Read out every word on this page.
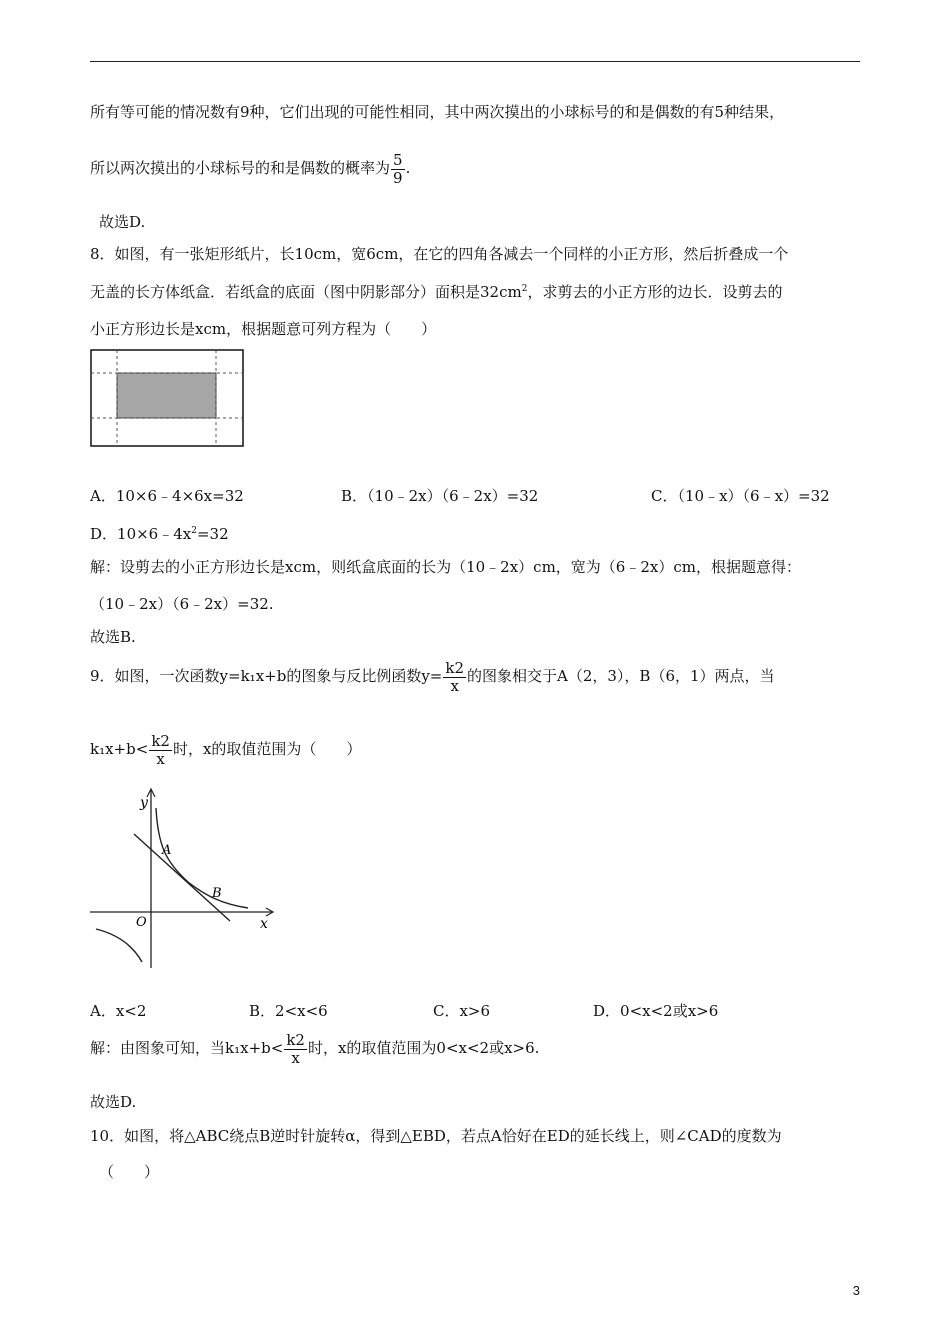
所有等可能的情况数有9种，它们出现的可能性相同，其中两次摸出的小球标号的和是偶数的有5种结果，
所以两次摸出的小球标号的和是偶数的概率为 $\frac{5}{9}$ .
故选D.
8．如图，有一张矩形纸片，长10cm，宽6cm，在它的四角各减去一个同样的小正方形，然后折叠成一个
无盖的长方体纸盒．若纸盒的底面（图中阴影部分）面积是$32cm^2$，求剪去的小正方形的边长．设剪去的
小正方形边长是xcm，根据题意可列方程为（　　）
A．10×6﹣4×6x=32	B．（10﹣2x）（6﹣2x）=32	C．（10﹣x）（6﹣x）=32
D．$10\times 6﹣4x^2=32$
解：设剪去的小正方形边长是xcm，则纸盒底面的长为（10﹣2x）cm，宽为（6﹣2x）cm，根据题意得：
（10﹣2x）（6﹣2x）=32.
故选B.
9．如图，一次函数y=k₁x+b的图象与反比例函数$y= \frac{k2}{x}$ 的图象相交于A（2，3），B（6，1）两点，当
$k_1x+b< \frac{k2}{x}$ 时，x的取值范围为（　　）
y
x
O
A
B
A．x<2	B．2<x<6	C．x>6	D．0<x<2或x>6
解：由图象可知，当$k_1x+b< \frac{k2}{x}$ 时，x的取值范围为0<x<2或x>6.
故选D.
10．如图，将△ABC绕点B逆时针旋转α，得到△EBD，若点A恰好在ED的延长线上，则∠CAD的度数为
（　　）
3
